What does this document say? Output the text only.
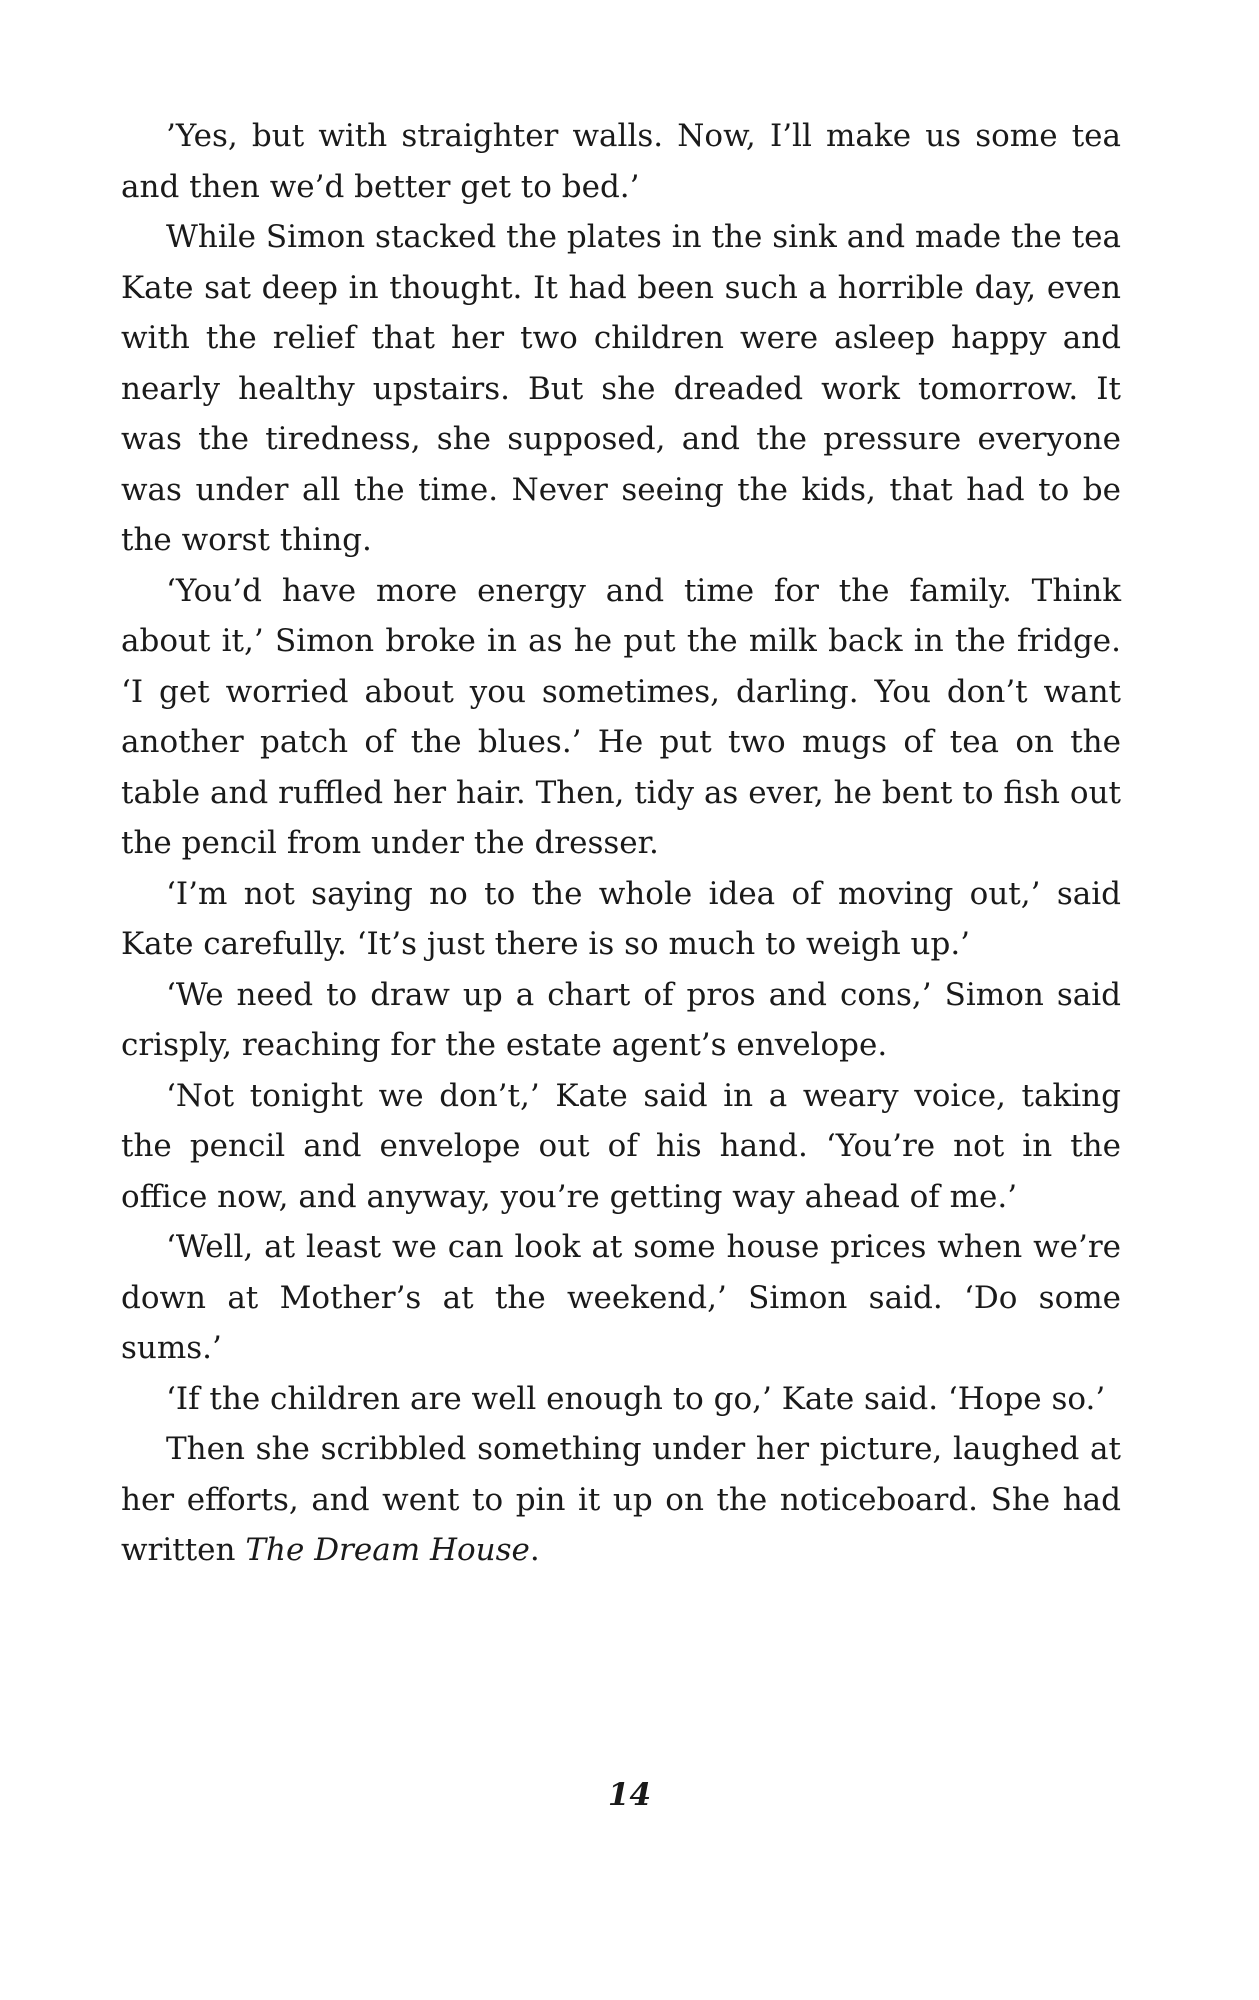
’Yes, but with straighter walls. Now, I’ll make us some tea and then we’d better get to bed.’

While Simon stacked the plates in the sink and made the tea Kate sat deep in thought. It had been such a horrible day, even with the relief that her two children were asleep happy and nearly healthy upstairs. But she dreaded work tomorrow. It was the tiredness, she supposed, and the pressure everyone was under all the time. Never seeing the kids, that had to be the worst thing.

‘You’d have more energy and time for the family. Think about it,’ Simon broke in as he put the milk back in the fridge. ‘I get worried about you sometimes, darling. You don’t want another patch of the blues.’ He put two mugs of tea on the table and ruffled her hair. Then, tidy as ever, he bent to fish out the pencil from under the dresser.

‘I’m not saying no to the whole idea of moving out,’ said Kate carefully. ‘It’s just there is so much to weigh up.’

‘We need to draw up a chart of pros and cons,’ Simon said crisply, reaching for the estate agent’s envelope.

‘Not tonight we don’t,’ Kate said in a weary voice, taking the pencil and envelope out of his hand. ‘You’re not in the office now, and anyway, you’re getting way ahead of me.’

‘Well, at least we can look at some house prices when we’re down at Mother’s at the weekend,’ Simon said. ‘Do some sums.’

‘If the children are well enough to go,’ Kate said. ‘Hope so.’

Then she scribbled something under her picture, laughed at her efforts, and went to pin it up on the noticeboard. She had written The Dream House.

14
